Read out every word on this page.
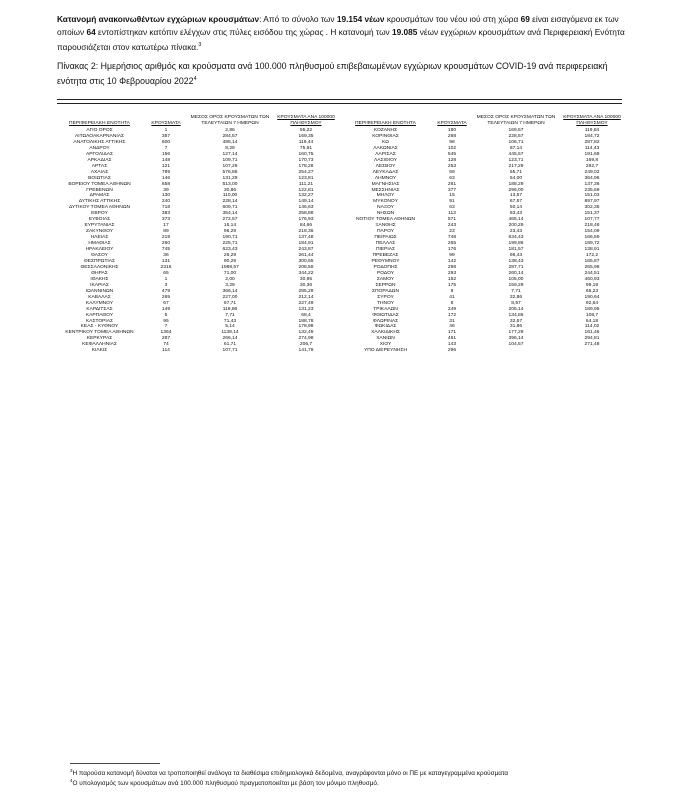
Κατανομή ανακοινωθέντων εγχώριων κρουσμάτων: Από το σύνολο των 19.154 νέων κρουσμάτων του νέου ιού στη χώρα 69 είναι εισαγόμενα εκ των οποίων 64 εντοπίστηκαν κατόπιν ελέγχων στις πύλες εισόδου της χώρας . Η κατανομή των 19.085 νέων εγχώριων κρουσμάτων ανά Περιφερειακή Ενότητα παρουσιάζεται στον κατωτέρω πίνακα.$^3$
Πίνακας 2: Ημερήσιος αριθμός και κρούσματα ανά 100.000 πληθυσμού επιβεβαιωμένων εγχώριων κρουσμάτων COVID-19 ανά περιφερειακή ενότητα στις 10 Φεβρουαρίου 2022$^4$
ΠΕΡΙΦΕΡΕΙΑΚΗ ΕΝΟΤΗΤΑ	ΚΡΟΥΣΜΑΤΑ
ΜΕΣΟΣ ΟΡΟΣ ΚΡΟΥΣΜΑΤΩΝ ΤΩΝ ΤΕΛΕΥΤΑΙΩΝ 7 ΗΜΕΡΩΝ
ΚΡΟΥΣΜΑΤΑ ΑΝΑ 100000 ΠΛΗΘΥΣΜΟΥ
ΑΓΙΟ ΟΡΟΣ	1	2,86	55,22
ΑΙΤΩΛΟΑΚΑΡΝΑΝΙΑΣ	357	284,57	169,35
ΑΝΑΤΟΛΙΚΗΣ ΑΤΤΙΚΗΣ	600	495,14	119,44
ΑΝΔΡΟΥ	7	8,29	75,91
ΑΡΓΟΛΙΔΑΣ	156	127,14	160,75
ΑΡΚΑΔΙΑΣ	148	109,71	170,73
ΑΡΤΑΣ	121	107,29	178,26
ΑΧΑΪΑΣ	789	576,86	254,27
ΒΟΙΩΤΙΑΣ	146	131,29	123,81
ΒΟΡΕΙΟΥ ΤΟΜΕΑ ΑΘΗΝΩΝ	658	513,00	111,21
ΓΡΕΒΕΝΩΝ	39	30,86	122,81
ΔΡΑΜΑΣ	130	110,00	132,27
ΔΥΤΙΚΗΣ ΑΤΤΙΚΗΣ	240	228,14	149,14
ΔΥΤΙΚΟΥ ΤΟΜΕΑ ΑΘΗΝΩΝ	718	609,71	146,63
ΕΒΡΟΥ	383	354,14	258,88
ΕΥΒΟΙΑΣ	373	272,57	176,93
ΕΥΡΥΤΑΝΙΑΣ	17	15,14	84,66
ΖΑΚΥΝΘΟΥ	89	96,29	218,36
ΗΛΕΙΑΣ	219	190,71	137,48
ΗΜΑΘΙΑΣ	260	225,71	184,91
ΗΡΑΚΛΕΙΟΥ	745	623,43	243,87
ΘΑΣΟΥ	36	26,29	261,44
ΘΕΣΠΡΩΤΙΑΣ	131	90,29	300,55
ΘΕΣΣΑΛΟΝΙΚΗΣ	2316	1988,57	208,59
ΘΗΡΑΣ	65	71,00	344,22
ΙΘΑΚΗΣ	1	2,00	30,95
ΙΚΑΡΙΑΣ	3	3,29	30,36
ΙΩΑΝΝΙΝΩΝ	479	366,14	285,29
ΚΑΒΑΛΑΣ	265	227,00	212,14
ΚΑΛΥΜΝΟΥ	67	67,71	227,49
ΚΑΡΔΙΤΣΑΣ	149	118,86	131,23
ΚΑΡΠΑΘΟΥ	5	7,71	68,4
ΚΑΣΤΟΡΙΑΣ	95	71,43	188,78
ΚΕΑΣ - ΚΥΘΝΟΥ	7	5,14	178,98
ΚΕΝΤΡΙΚΟΥ ΤΟΜΕΑ ΑΘΗΝΩΝ	1364	1138,14	132,49
ΚΕΡΚΥΡΑΣ	287	266,14	274,98
ΚΕΦΑΛΛΗΝΙΑΣ	74	61,71	206,7
ΚΙΛΚΙΣ	114	107,71	141,76
ΠΕΡΙΦΕΡΕΙΑΚΗ ΕΝΟΤΗΤΑ	ΚΡΟΥΣΜΑΤΑ
ΜΕΣΟΣ ΟΡΟΣ ΚΡΟΥΣΜΑΤΩΝ ΤΩΝ ΤΕΛΕΥΤΑΙΩΝ 7 ΗΜΕΡΩΝ
ΚΡΟΥΣΜΑΤΑ ΑΝΑ 100000 ΠΛΗΘΥΣΜΟΥ
ΚΟΖΑΝΗΣ	180	169,57	119,84
ΚΟΡΙΝΘΙΑΣ	268	228,57	184,72
ΚΩ	98	106,71	287,82
ΛΑΚΩΝΙΑΣ	102	87,14	114,43
ΛΑΡΙΣΑΣ	545	445,57	191,68
ΛΑΣΙΘΙΟΥ	128	123,71	169,8
ΛΕΣΒΟΥ	253	217,29	292,7
ΛΕΥΚΑΔΑΣ	59	55,71	249,02
ΛΗΜΝΟΥ	63	54,00	364,96
ΜΑΓΝΗΣΙΑΣ	261	188,29	137,36
ΜΕΣΣΗΝΙΑΣ	377	296,00	235,69
ΜΗΛΟΥ	15	13,57	151,03
ΜΥΚΟΝΟΥ	91	67,57	897,97
ΝΑΞΟΥ	63	50,14	302,35
ΝΗΣΩΝ	113	83,43	151,37
ΝΟΤΙΟΥ ΤΟΜΕΑ ΑΘΗΝΩΝ	571	465,14	107,77
ΞΑΝΘΗΣ	243	200,29	218,48
ΠΑΡΟΥ	23	23,43	154,09
ΠΕΙΡΑΙΩΣ	748	634,43	166,59
ΠΕΛΛΑΣ	265	199,86	189,72
ΠΙΕΡΙΑΣ	176	181,57	138,91
ΠΡΕΒΕΖΑΣ	99	96,43	172,2
ΡΕΘΥΜΝΟΥ	142	138,43	165,87
ΡΟΔΟΠΗΣ	298	287,71	265,98
ΡΟΔΟΥ	293	260,14	244,51
ΣΑΜΟΥ	152	105,00	460,93
ΣΕΡΡΩΝ	175	159,29	99,19
ΣΠΟΡΑΔΩΝ	9	7,71	65,23
ΣΥΡΟΥ	41	32,86	190,64
ΤΗΝΟΥ	8	8,57	92,64
ΤΡΙΚΑΛΩΝ	249	205,14	189,95
ΦΘΙΩΤΙΔΑΣ	172	134,86	108,7
ΦΛΩΡΙΝΑΣ	31	32,57	64,18
ΦΩΚΙΔΑΣ	46	31,86	114,02
ΧΑΛΚΙΔΙΚΗΣ	171	177,29	161,46
ΧΑΝΙΩΝ	461	396,14	294,81
ΧΙΟΥ	143	104,57	271,48
ΥΠΟ ΔΙΕΡΕΥΝΗΣΗ	296
$^3$Η παρούσα κατανομή δύναται να τροποποιηθεί ανάλογα τα διαθέσιμα επιδημιολογικά δεδομένα, αναγράφονται μόνο οι ΠΕ με καταγεγραμμένα κρούσματα
$^4$Ο υπολογισμός των κρουσμάτων ανά 100.000 πληθυσμού πραγματοποιείται με βάση τον μόνιμο πληθυσμό.
